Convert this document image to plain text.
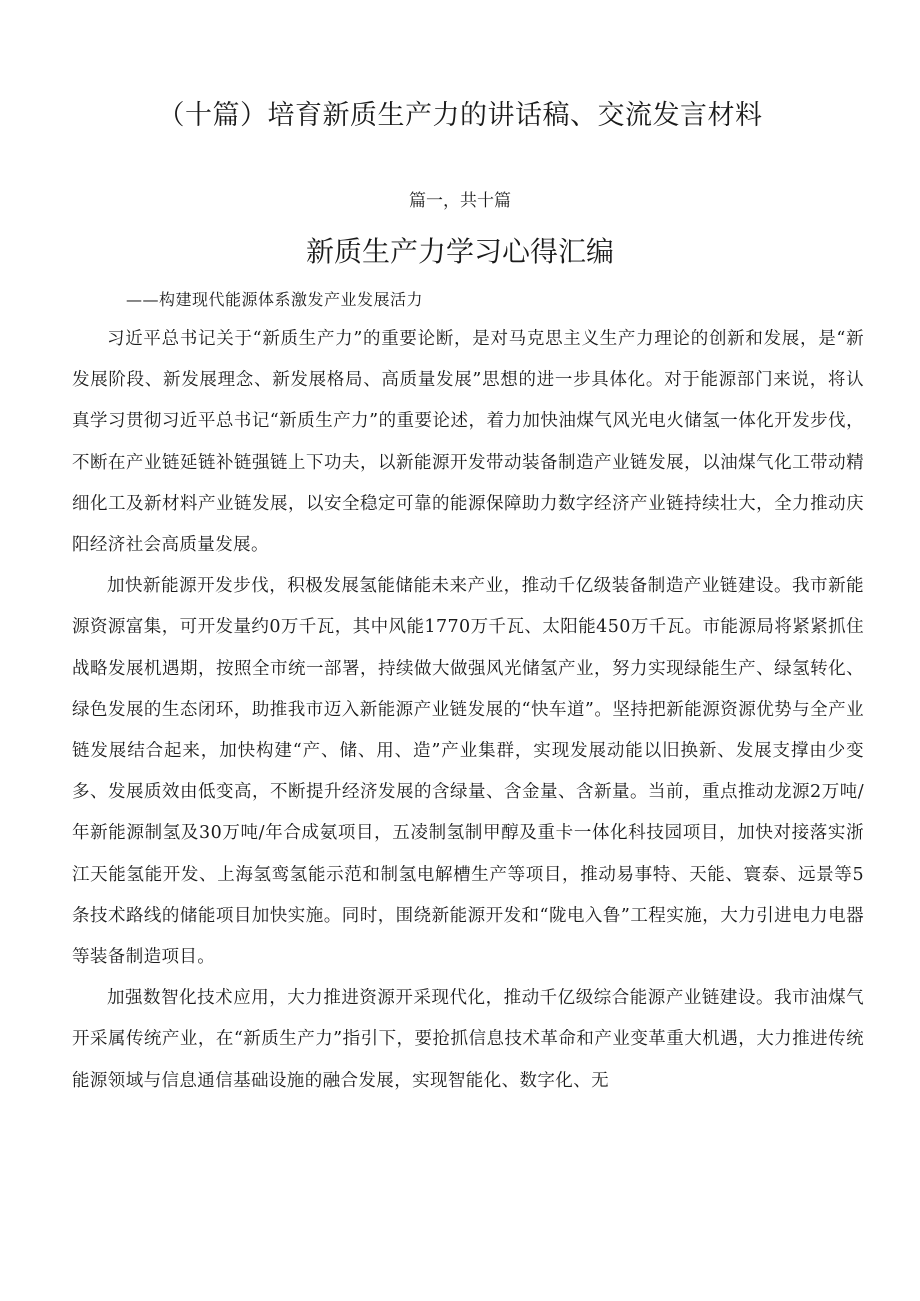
（十篇）培育新质生产力的讲话稿、交流发言材料
篇一，共十篇
新质生产力学习心得汇编
——构建现代能源体系激发产业发展活力

习近平总书记关于“新质生产力”的重要论断，是对马克思主义生产力理论的创新和发展，是“新发展阶段、新发展理念、新发展格局、高质量发展”思想的进一步具体化。对于能源部门来说，将认真学习贯彻习近平总书记“新质生产力”的重要论述，着力加快油煤气风光电火储氢一体化开发步伐，不断在产业链延链补链强链上下功夫，以新能源开发带动装备制造产业链发展，以油煤气化工带动精细化工及新材料产业链发展，以安全稳定可靠的能源保障助力数字经济产业链持续壮大，全力推动庆阳经济社会高质量发展。

加快新能源开发步伐，积极发展氢能储能未来产业，推动千亿级装备制造产业链建设。我市新能源资源富集，可开发量约0万千瓦，其中风能1770万千瓦、太阳能450万千瓦。市能源局将紧紧抓住战略发展机遇期，按照全市统一部署，持续做大做强风光储氢产业，努力实现绿能生产、绿氢转化、绿色发展的生态闭环，助推我市迈入新能源产业链发展的“快车道”。坚持把新能源资源优势与全产业链发展结合起来，加快构建“产、储、用、造”产业集群，实现发展动能以旧换新、发展支撑由少变多、发展质效由低变高，不断提升经济发展的含绿量、含金量、含新量。当前，重点推动龙源2万吨/年新能源制氢及30万吨/年合成氨项目，五凌制氢制甲醇及重卡一体化科技园项目，加快对接落实浙江天能氢能开发、上海氢鸾氢能示范和制氢电解槽生产等项目，推动易事特、天能、寰泰、远景等5条技术路线的储能项目加快实施。同时，围绕新能源开发和“陇电入鲁”工程实施，大力引进电力电器等装备制造项目。

加强数智化技术应用，大力推进资源开采现代化，推动千亿级综合能源产业链建设。我市油煤气开采属传统产业，在“新质生产力”指引下，要抢抓信息技术革命和产业变革重大机遇，大力推进传统能源领域与信息通信基础设施的融合发展，实现智能化、数字化、无
